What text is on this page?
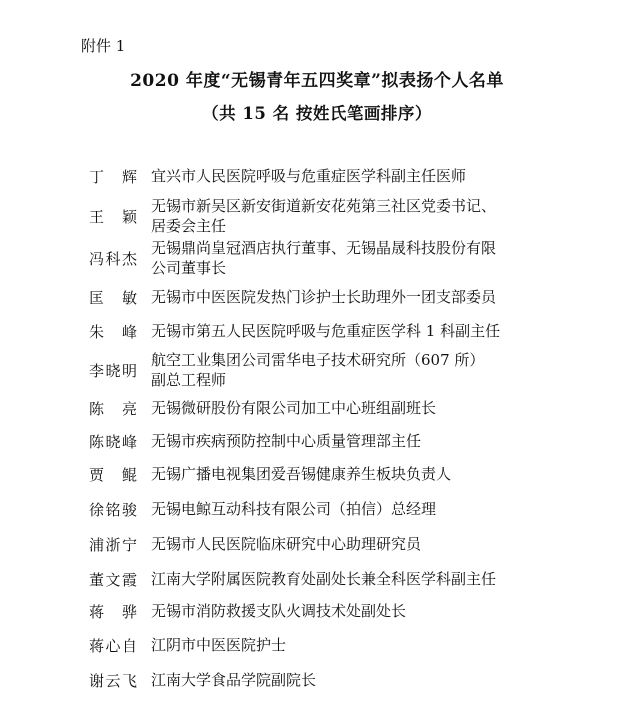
附件 1
2020 年度“无锡青年五四奖章”拟表扬个人名单
（共 15 名 按姓氏笔画排序）
丁　辉 宜兴市人民医院呼吸与危重症医学科副主任医师
王　颖
无锡市新吴区新安街道新安花苑第三社区党委书记、
居委会主任
冯科杰
无锡鼎尚皇冠酒店执行董事、无锡晶晟科技股份有限
公司董事长
匡　敏 无锡市中医医院发热门诊护士长助理外一团支部委员
朱　峰 无锡市第五人民医院呼吸与危重症医学科 1 科副主任
李晓明
航空工业集团公司雷华电子技术研究所（607 所）
副总工程师
陈　亮 无锡微研股份有限公司加工中心班组副班长
陈晓峰 无锡市疾病预防控制中心质量管理部主任
贾　鲲 无锡广播电视集团爱吾锡健康养生板块负责人
徐铭骏 无锡电鲸互动科技有限公司（拍信）总经理
浦浙宁 无锡市人民医院临床研究中心助理研究员
董文霞 江南大学附属医院教育处副处长兼全科医学科副主任
蒋　骅 无锡市消防救援支队火调技术处副处长
蒋心自 江阴市中医医院护士
谢云飞 江南大学食品学院副院长
